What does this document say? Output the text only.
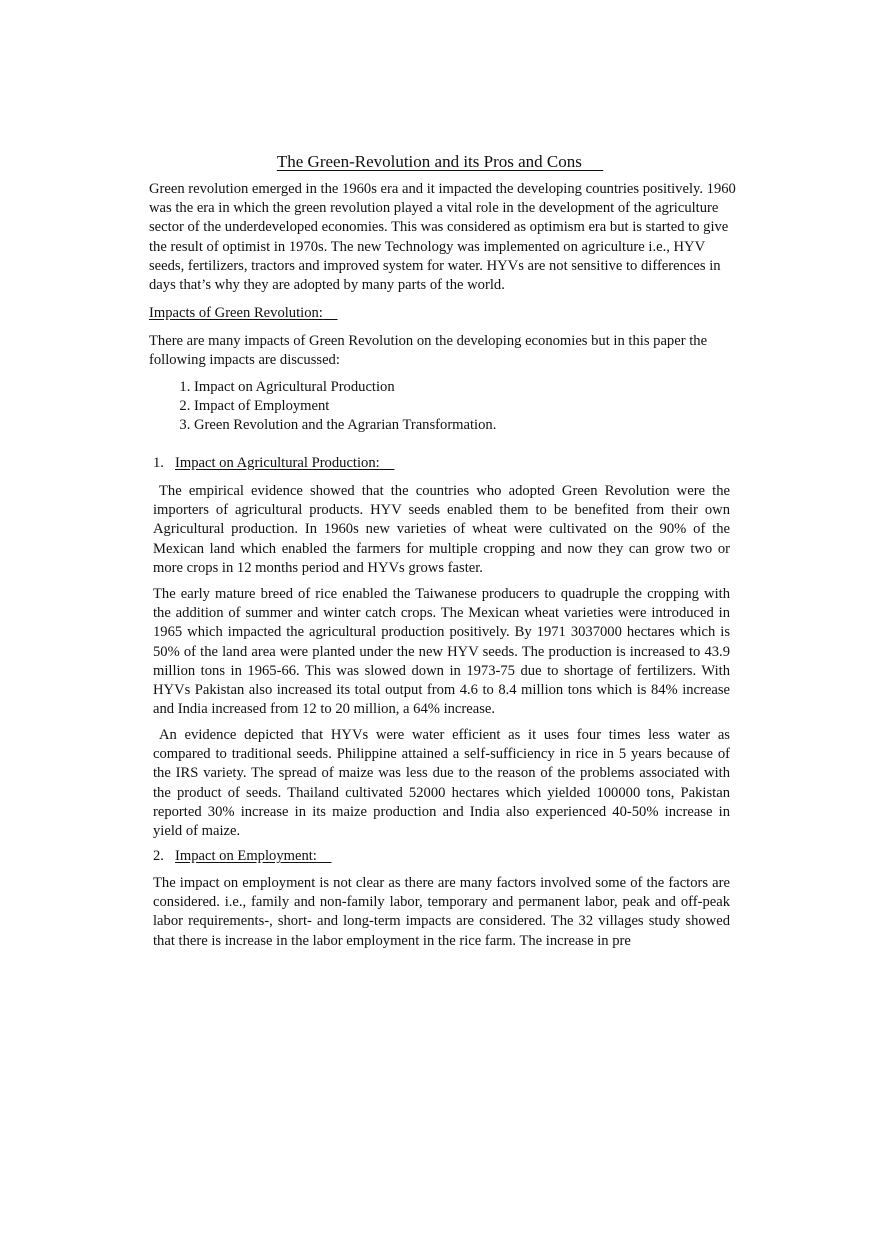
The Green-Revolution and its Pros and Cons

Green revolution emerged in the 1960s era and it impacted the developing countries positively. 1960 was the era in which the green revolution played a vital role in the development of the agriculture sector of the underdeveloped economies. This was considered as optimism era but is started to give the result of optimist in 1970s. The new Technology was implemented on agriculture i.e., HYV seeds, fertilizers, tractors and improved system for water. HYVs are not sensitive to differences in days that’s why they are adopted by many parts of the world.

Impacts of Green Revolution:

There are many impacts of Green Revolution on the developing economies but in this paper the following impacts are discussed:

1. Impact on Agricultural Production
2. Impact of Employment
3. Green Revolution and the Agrarian Transformation.

1. Impact on Agricultural Production:

The empirical evidence showed that the countries who adopted Green Revolution were the importers of agricultural products. HYV seeds enabled them to be benefited from their own Agricultural production. In 1960s new varieties of wheat were cultivated on the 90% of the Mexican land which enabled the farmers for multiple cropping and now they can grow two or more crops in 12 months period and HYVs grows faster.

The early mature breed of rice enabled the Taiwanese producers to quadruple the cropping with the addition of summer and winter catch crops. The Mexican wheat varieties were introduced in 1965 which impacted the agricultural production positively. By 1971 3037000 hectares which is 50% of the land area were planted under the new HYV seeds. The production is increased to 43.9 million tons in 1965-66. This was slowed down in 1973-75 due to shortage of fertilizers. With HYVs Pakistan also increased its total output from 4.6 to 8.4 million tons which is 84% increase and India increased from 12 to 20 million, a 64% increase.

An evidence depicted that HYVs were water efficient as it uses four times less water as compared to traditional seeds. Philippine attained a self-sufficiency in rice in 5 years because of the IRS variety. The spread of maize was less due to the reason of the problems associated with the product of seeds. Thailand cultivated 52000 hectares which yielded 100000 tons, Pakistan reported 30% increase in its maize production and India also experienced 40-50% increase in yield of maize.

2. Impact on Employment:

The impact on employment is not clear as there are many factors involved some of the factors are considered. i.e., family and non-family labor, temporary and permanent labor, peak and off-peak labor requirements-, short- and long-term impacts are considered. The 32 villages study showed that there is increase in the labor employment in the rice farm. The increase in pre
